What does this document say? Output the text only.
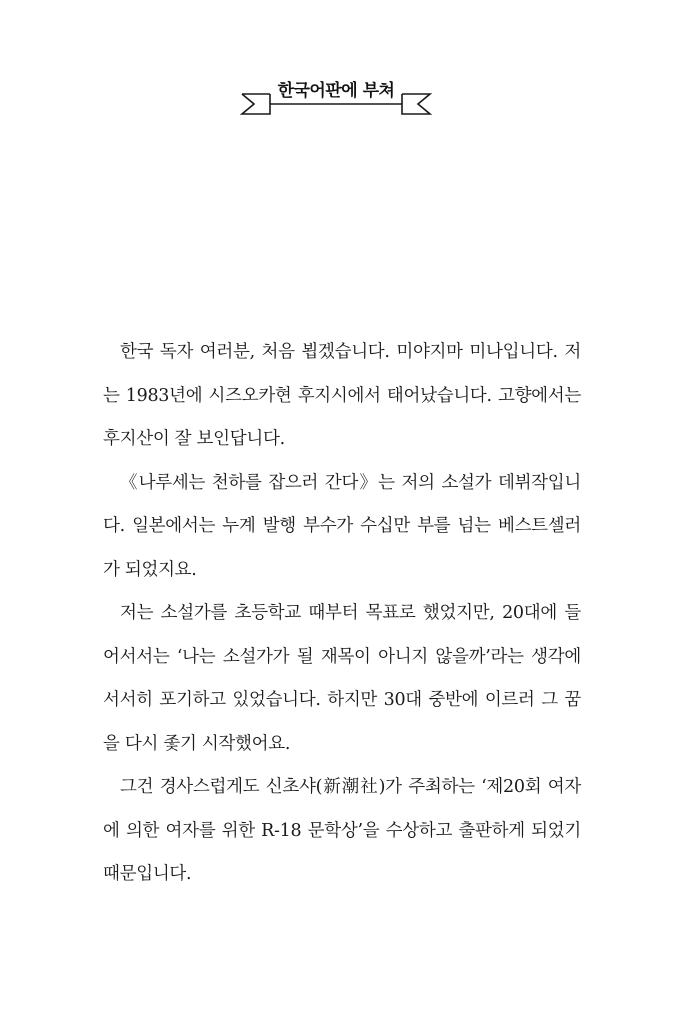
한국어판에 부쳐

한국 독자 여러분, 처음 뵙겠습니다. 미야지마 미나입니다. 저는 1983년에 시즈오카현 후지시에서 태어났습니다. 고향에서는 후지산이 잘 보인답니다.

《나루세는 천하를 잡으러 간다》는 저의 소설가 데뷔작입니다. 일본에서는 누계 발행 부수가 수십만 부를 넘는 베스트셀러가 되었지요.

저는 소설가를 초등학교 때부터 목표로 했었지만, 20대에 들어서서는 ‘나는 소설가가 될 재목이 아니지 않을까’라는 생각에 서서히 포기하고 있었습니다. 하지만 30대 중반에 이르러 그 꿈을 다시 좇기 시작했어요.

그건 경사스럽게도 신초샤(新潮社)가 주최하는 ‘제20회 여자에 의한 여자를 위한 R-18 문학상’을 수상하고 출판하게 되었기 때문입니다.
